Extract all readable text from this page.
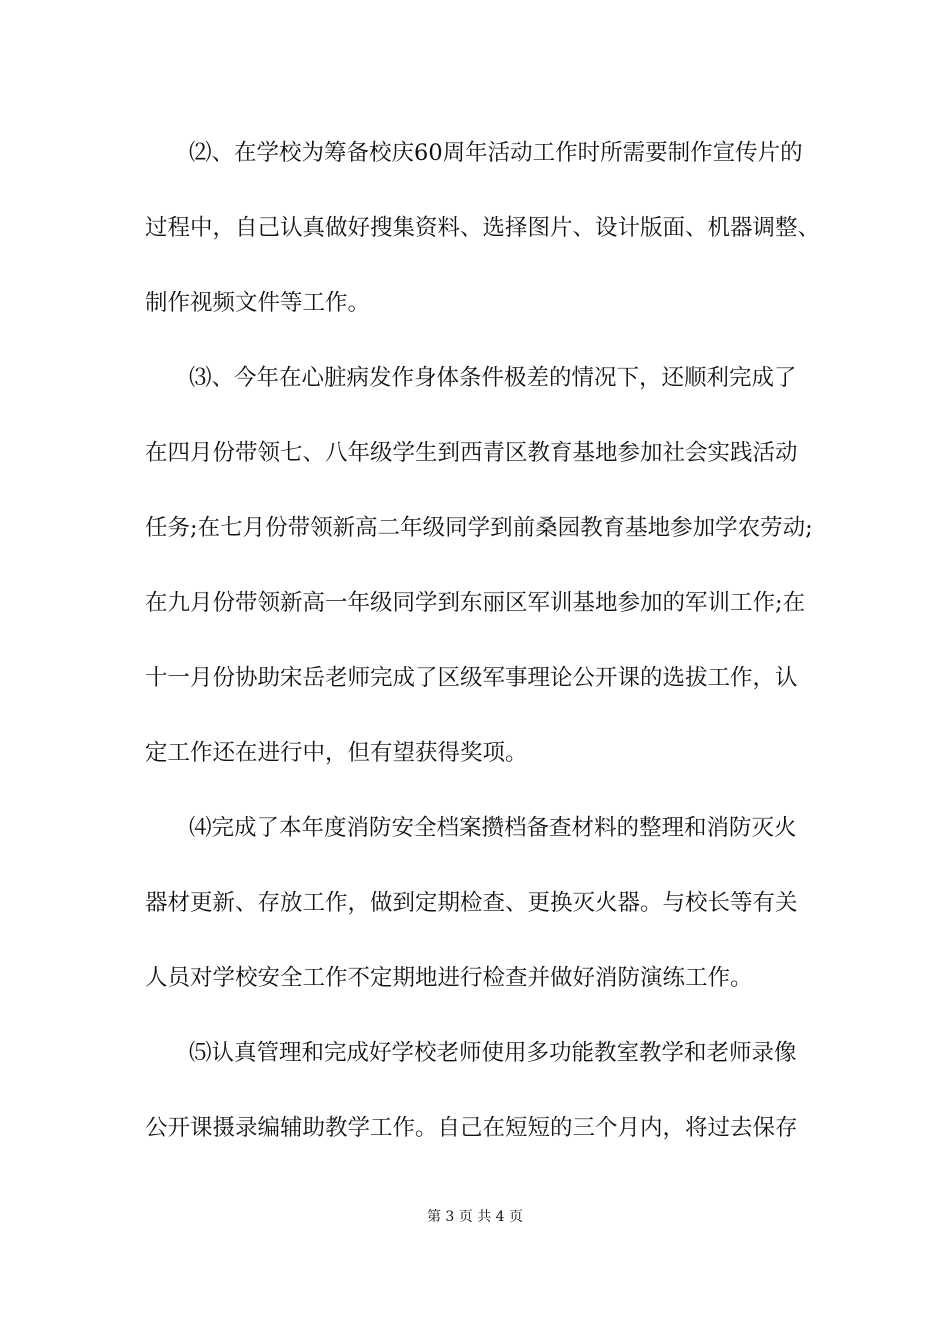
⑵、在学校为筹备校庆60周年活动工作时所需要制作宣传片的
过程中，自己认真做好搜集资料、选择图片、设计版面、机器调整、
制作视频文件等工作。
⑶、今年在心脏病发作身体条件极差的情况下，还顺利完成了
在四月份带领七、八年级学生到西青区教育基地参加社会实践活动
任务;在七月份带领新高二年级同学到前桑园教育基地参加学农劳动;
在九月份带领新高一年级同学到东丽区军训基地参加的军训工作;在
十一月份协助宋岳老师完成了区级军事理论公开课的选拔工作，认
定工作还在进行中，但有望获得奖项。
⑷完成了本年度消防安全档案攒档备查材料的整理和消防灭火
器材更新、存放工作，做到定期检查、更换灭火器。与校长等有关
人员对学校安全工作不定期地进行检查并做好消防演练工作。
⑸认真管理和完成好学校老师使用多功能教室教学和老师录像
公开课摄录编辅助教学工作。自己在短短的三个月内，将过去保存
第 3 页 共 4 页
